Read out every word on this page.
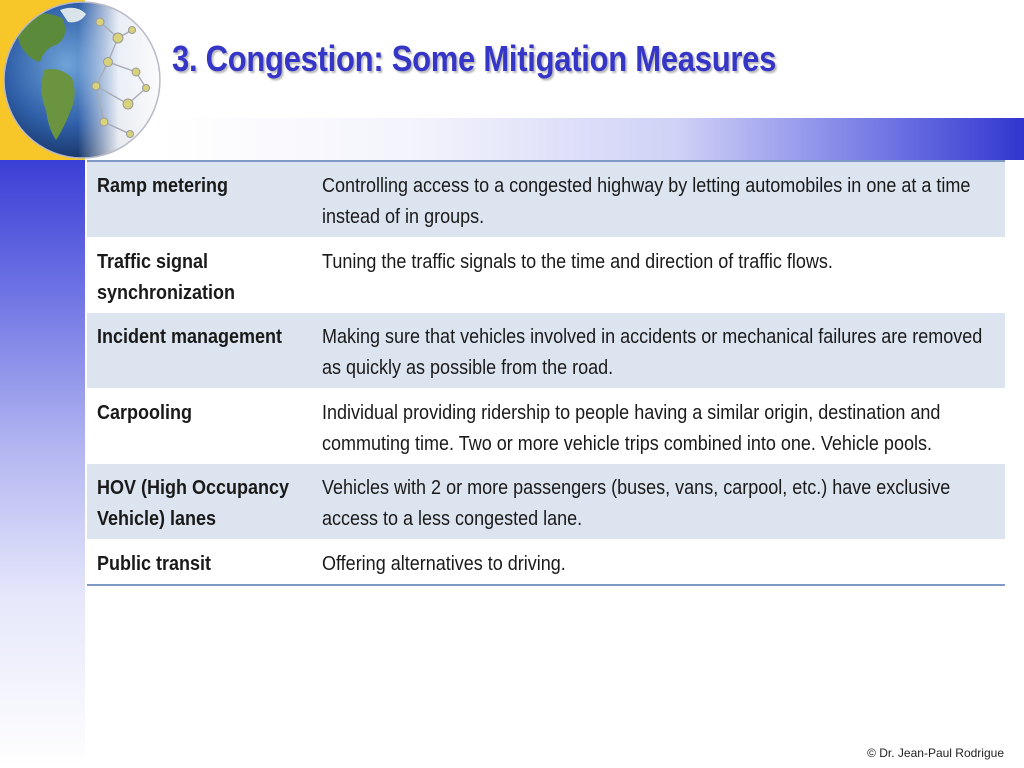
3. Congestion: Some Mitigation Measures
Ramp metering	Controlling access to a congested highway by letting automobiles in one at a time instead of in groups.
Traffic signal synchronization	Tuning the traffic signals to the time and direction of traffic flows.
Incident management	Making sure that vehicles involved in accidents or mechanical failures are removed as quickly as possible from the road.
Carpooling	Individual providing ridership to people having a similar origin, destination and commuting time. Two or more vehicle trips combined into one. Vehicle pools.
HOV (High Occupancy Vehicle) lanes	Vehicles with 2 or more passengers (buses, vans, carpool, etc.) have exclusive access to a less congested lane.
Public transit	Offering alternatives to driving.
© Dr. Jean-Paul Rodrigue
